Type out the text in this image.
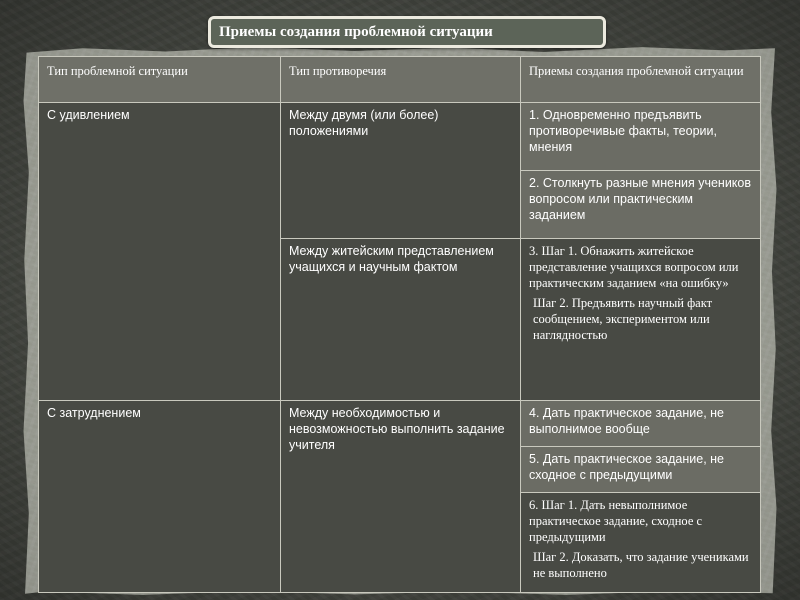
Приемы создания проблемной ситуации
Тип проблемной ситуации	Тип противоречия	Приемы создания проблемной ситуации
С удивлением	Между двумя (или более) положениями	1. Одновременно предъявить противоречивые факты, теории, мнения
		2. Столкнуть разные мнения учеников вопросом или практическим заданием
	Между житейским представлением учащихся и научным фактом	3. Шаг 1. Обнажить житейское представление учащихся вопросом или практическим заданием «на ошибку»
Шаг 2. Предъявить научный факт сообщением, экспериментом или наглядностью

С затруднением	Между необходимостью и невозможностью выполнить задание учителя	4. Дать практическое задание, не выполнимое вообще
		5. Дать практическое задание, не сходное с предыдущими

		6. Шаг 1. Дать невыполнимое практическое задание, сходное с предыдущими
Шаг 2. Доказать, что задание учениками не выполнено
